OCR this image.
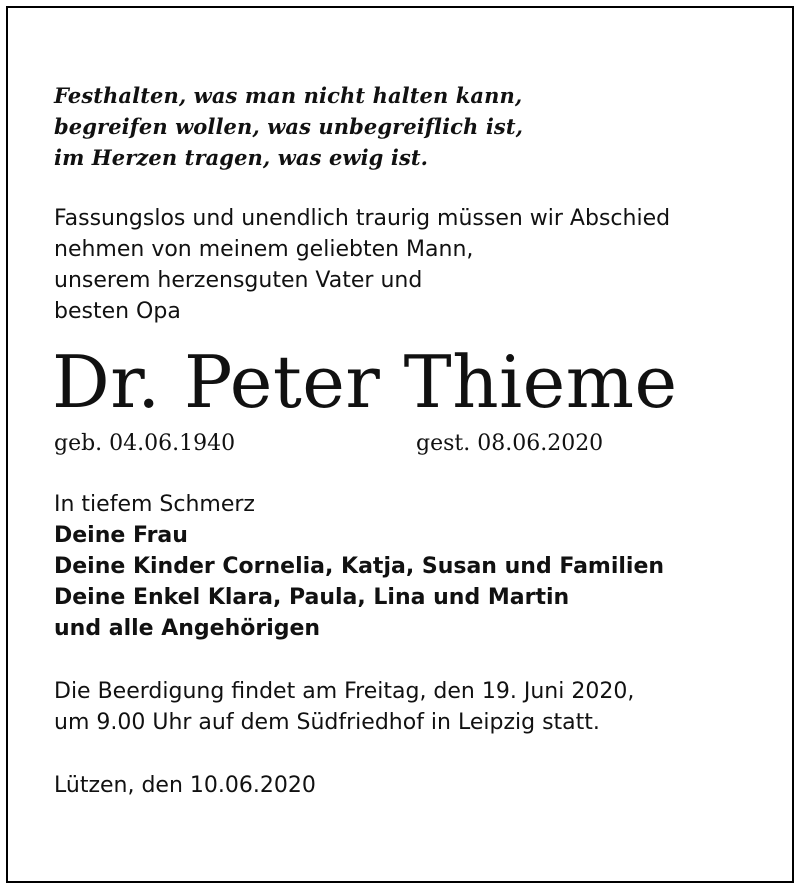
Festhalten, was man nicht halten kann,
begreifen wollen, was unbegreiflich ist,
im Herzen tragen, was ewig ist.
Fassungslos und unendlich traurig müssen wir Abschied
nehmen von meinem geliebten Mann,
unserem herzensguten Vater und
besten Opa
Dr. Peter Thieme
geb. 04.06.1940	gest. 08.06.2020
In tiefem Schmerz
Deine Frau
Deine Kinder Cornelia, Katja, Susan und Familien
Deine Enkel Klara, Paula, Lina und Martin
und alle Angehörigen
Die Beerdigung findet am Freitag, den 19. Juni 2020,
um 9.00 Uhr auf dem Südfriedhof in Leipzig statt.
Lützen, den 10.06.2020
